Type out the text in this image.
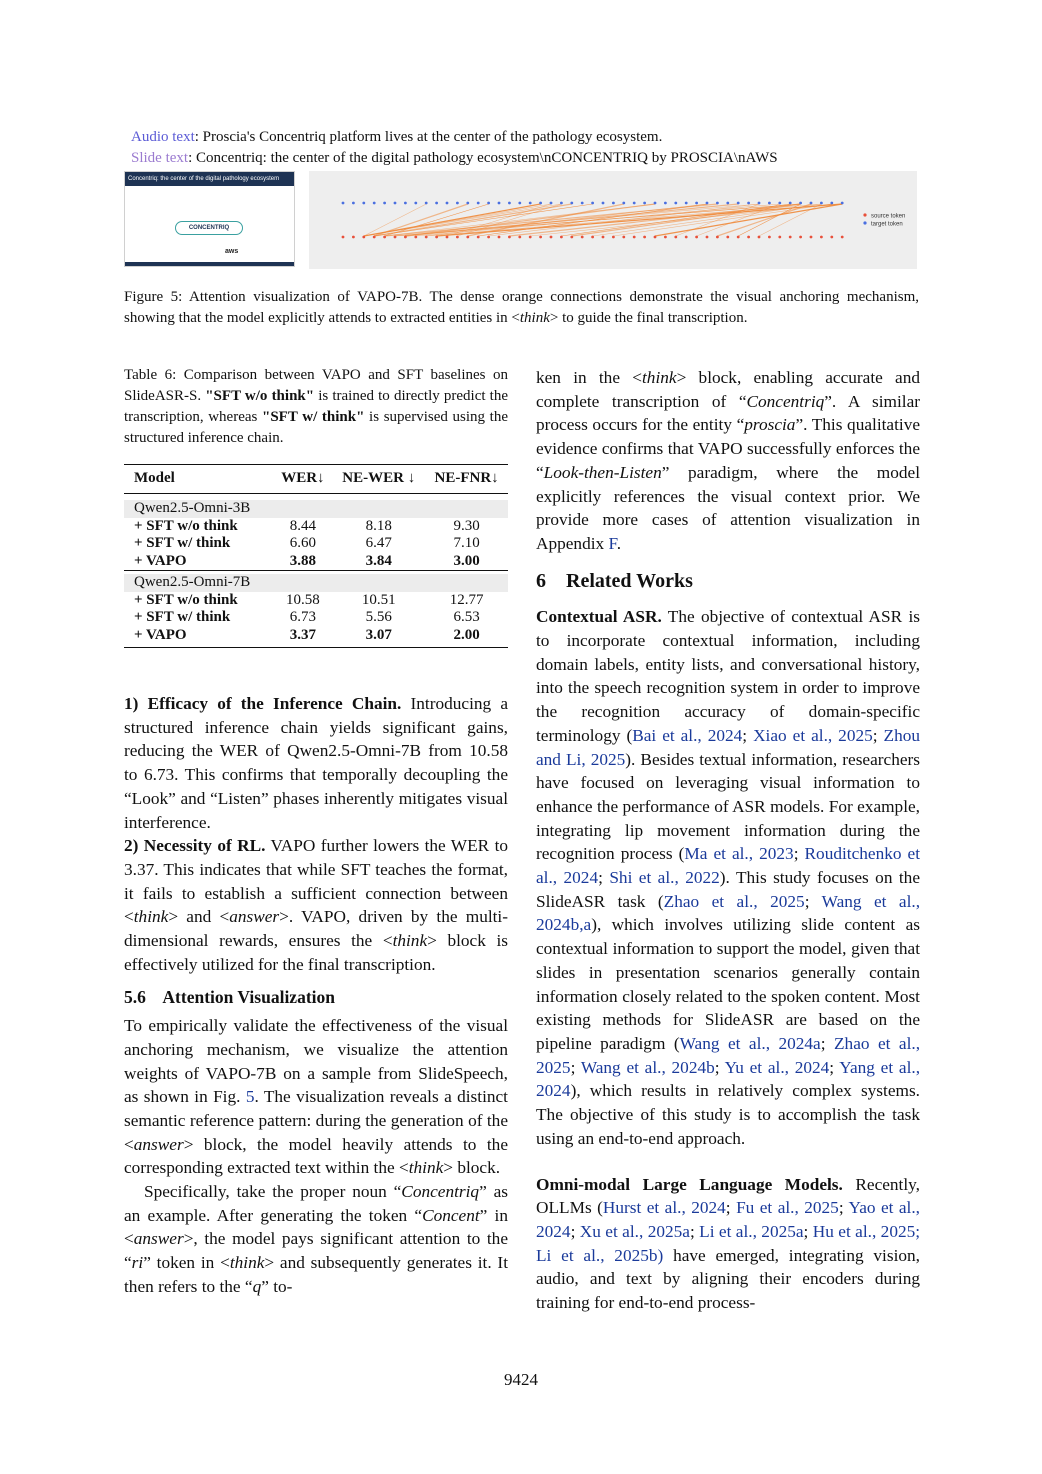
Audio text: Proscia's Concentriq platform lives at the center of the pathology ecosystem.
Slide text: Concentriq: the center of the digital pathology ecosystem\nCONCENTRIQ by PROSCIA\nAWS
Concentriq: the center of the digital pathology ecosystem
CONCENTRIQ
aws
source token
target token
Figure 5: Attention visualization of VAPO-7B. The dense orange connections demonstrate the visual anchoring mechanism, showing that the model explicitly attends to extracted entities in <think> to guide the final transcription.
Table 6: Comparison between VAPO and SFT baselines on SlideASR-S. "SFT w/o think" is trained to directly predict the transcription, whereas "SFT w/ think" is supervised using the structured inference chain.
Model	WER↓	NE-WER ↓	NE-FNR↓

Qwen2.5-Omni-3B			
+ SFT w/o think	8.44	8.18	9.30
+ SFT w/ think	6.60	6.47	7.10
+ VAPO	3.88	3.84	3.00

Qwen2.5-Omni-7B			
+ SFT w/o think	10.58	10.51	12.77
+ SFT w/ think	6.73	5.56	6.53
+ VAPO	3.37	3.07	2.00

1) Efficacy of the Inference Chain. Introducing a structured inference chain yields significant gains, reducing the WER of Qwen2.5-Omni-7B from 10.58 to 6.73. This confirms that temporally decoupling the “Look” and “Listen” phases inherently mitigates visual interference.

2) Necessity of RL. VAPO further lowers the WER to 3.37. This indicates that while SFT teaches the format, it fails to establish a sufficient connection between <think> and <answer>. VAPO, driven by the multi-dimensional rewards, ensures the <think> block is effectively utilized for the final transcription.

5.6    Attention Visualization

To empirically validate the effectiveness of the visual anchoring mechanism, we visualize the attention weights of VAPO-7B on a sample from SlideSpeech, as shown in Fig. 5. The visualization reveals a distinct semantic reference pattern: during the generation of the <answer> block, the model heavily attends to the corresponding extracted text within the <think> block.

Specifically, take the proper noun “Concentriq” as an example. After generating the token “Concent” in <answer>, the model pays significant attention to the “ri” token in <think> and subsequently generates it. It then refers to the “q” to-

ken in the <think> block, enabling accurate and complete transcription of “Concentriq”. A similar process occurs for the entity “proscia”. This qualitative evidence confirms that VAPO successfully enforces the “Look-then-Listen” paradigm, where the model explicitly references the visual context prior. We provide more cases of attention visualization in Appendix F.

6    Related Works

Contextual ASR. The objective of contextual ASR is to incorporate contextual information, including domain labels, entity lists, and conversational history, into the speech recognition system in order to improve the recognition accuracy of domain-specific terminology (Bai et al., 2024; Xiao et al., 2025; Zhou and Li, 2025). Besides textual information, researchers have focused on leveraging visual information to enhance the performance of ASR models. For example, integrating lip movement information during the recognition process (Ma et al., 2023; Rouditchenko et al., 2024; Shi et al., 2022). This study focuses on the SlideASR task (Zhao et al., 2025; Wang et al., 2024b,a), which involves utilizing slide content as contextual information to support the model, given that slides in presentation scenarios generally contain information closely related to the spoken content. Most existing methods for SlideASR are based on the pipeline paradigm (Wang et al., 2024a; Zhao et al., 2025; Wang et al., 2024b; Yu et al., 2024; Yang et al., 2024), which results in relatively complex systems. The objective of this study is to accomplish the task using an end-to-end approach.

Omni-modal Large Language Models. Recently, OLLMs (Hurst et al., 2024; Fu et al., 2025; Yao et al., 2024; Xu et al., 2025a; Li et al., 2025a; Hu et al., 2025; Li et al., 2025b) have emerged, integrating vision, audio, and text by aligning their encoders during training for end-to-end process-

9424
